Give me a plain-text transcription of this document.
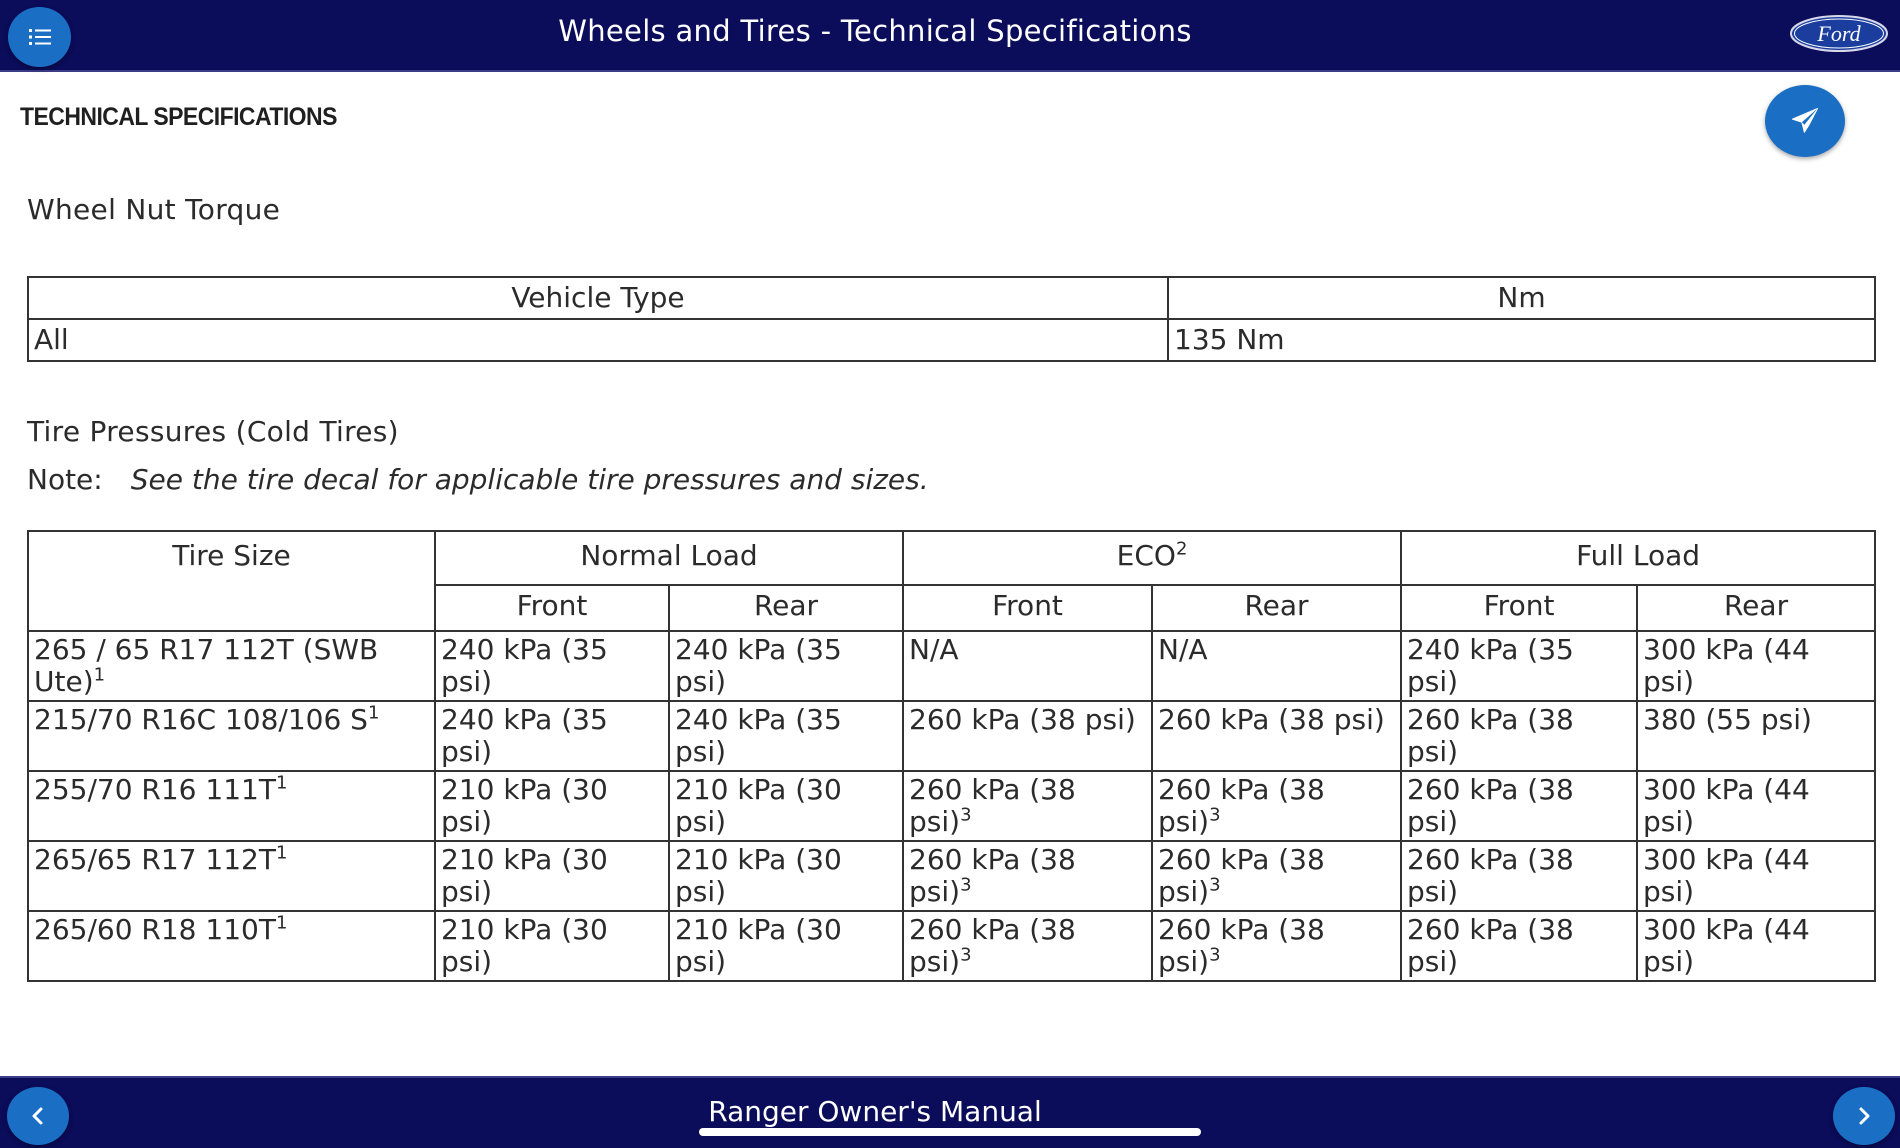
Wheels and Tires - Technical Specifications	Ford
TECHNICAL SPECIFICATIONS
Wheel Nut Torque
Vehicle Type	Nm
All	135 Nm
Tire Pressures (Cold Tires)
Note: See the tire decal for applicable tire pressures and sizes.
Tire Size	Normal Load		ECO$^2$		Full Load	
	Front	Rear	Front	Rear	Front	Rear
265 / 65 R17 112T (SWB Ute)$^1$	240 kPa (35 psi)	240 kPa (35 psi)	N/A	N/A	240 kPa (35 psi)	300 kPa (44 psi)
215/70 R16C 108/106 $S^1$	240 kPa (35 psi)	240 kPa (35 psi)	260 kPa (38 psi)	260 kPa (38 psi)	260 kPa (38 psi)	380 (55 psi)
255/70 R16 $111T^1$	210 kPa (30 psi)	210 kPa (30 psi)	260 kPa (38 psi)$^3$	260 kPa (38 psi)$^3$	260 kPa (38 psi)	300 kPa (44 psi)
265/65 R17 $112T^1$	210 kPa (30 psi)	210 kPa (30 psi)	260 kPa (38 psi)$^3$	260 kPa (38 psi)$^3$	260 kPa (38 psi)	300 kPa (44 psi)
265/60 R18 $110T^1$	210 kPa (30 psi)	210 kPa (30 psi)	260 kPa (38 psi)$^3$	260 kPa (38 psi)$^3$	260 kPa (38 psi)	300 kPa (44 psi)
Ranger Owner's Manual
